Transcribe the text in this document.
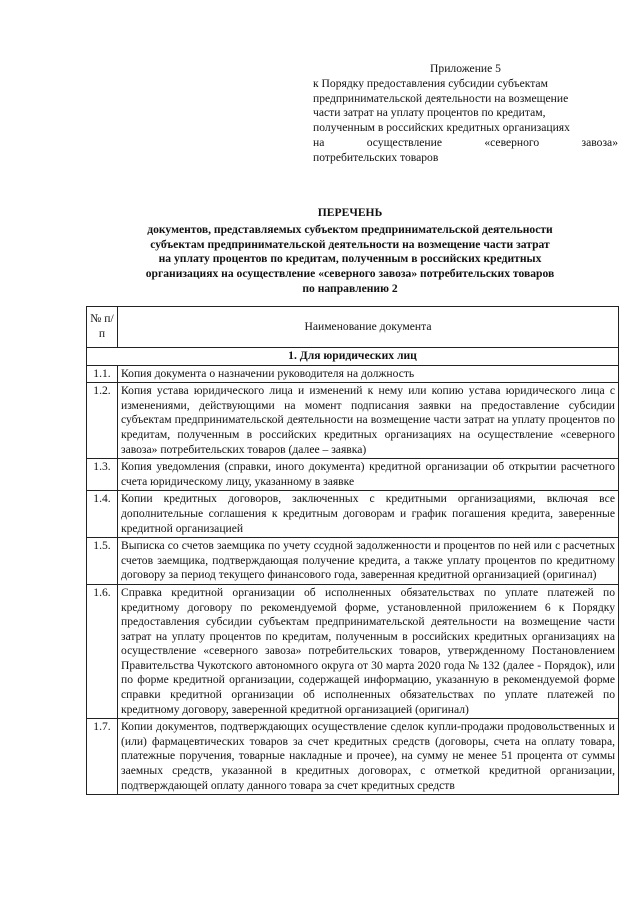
Приложение 5
к Порядку предоставления субсидии субъектам
предпринимательской деятельности на возмещение
части затрат на уплату процентов по кредитам,
полученным в российских кредитных организациях
на осуществление «северного завоза»
потребительских товаров
ПЕРЕЧЕНЬ
документов, представляемых субъектом предпринимательской деятельности
субъектам предпринимательской деятельности на возмещение части затрат
на уплату процентов по кредитам, полученным в российских кредитных
организациях на осуществление «северного завоза» потребительских товаров
по направлению 2
№ п/п	Наименование документа
1. Для юридических лиц	
1.1.	Копия документа о назначении руководителя на должность
1.2.	Копия устава юридического лица и изменений к нему или копию устава юридического лица с изменениями, действующими на момент подписания заявки на предоставление субсидии субъектам предпринимательской деятельности на возмещение части затрат на уплату процентов по кредитам, полученным в российских кредитных организациях на осуществление «северного завоза» потребительских товаров (далее – заявка)
1.3.	Копия уведомления (справки, иного документа) кредитной организации об открытии расчетного счета юридическому лицу, указанному в заявке
1.4.	Копии кредитных договоров, заключенных с кредитными организациями, включая все дополнительные соглашения к кредитным договорам и график погашения кредита, заверенные кредитной организацией
1.5.	Выписка со счетов заемщика по учету ссудной задолженности и процентов по ней или с расчетных счетов заемщика, подтверждающая получение кредита, а также уплату процентов по кредитному договору за период текущего финансового года, заверенная кредитной организацией (оригинал)
1.6.	Справка кредитной организации об исполненных обязательствах по уплате платежей по кредитному договору по рекомендуемой форме, установленной приложением 6 к Порядку предоставления субсидии субъектам предпринимательской деятельности на возмещение части затрат на уплату процентов по кредитам, полученным в российских кредитных организациях на осуществление «северного завоза» потребительских товаров, утвержденному Постановлением Правительства Чукотского автономного округа от 30 марта 2020 года № 132 (далее - Порядок), или по форме кредитной организации, содержащей информацию, указанную в рекомендуемой форме справки кредитной организации об исполненных обязательствах по уплате платежей по кредитному договору, заверенной кредитной организацией (оригинал)
1.7.	Копии документов, подтверждающих осуществление сделок купли-продажи продовольственных и (или) фармацевтических товаров за счет кредитных средств (договоры, счета на оплату товара, платежные поручения, товарные накладные и прочее), на сумму не менее 51 процента от суммы заемных средств, указанной в кредитных договорах, с отметкой кредитной организации, подтверждающей оплату данного товара за счет кредитных средств
